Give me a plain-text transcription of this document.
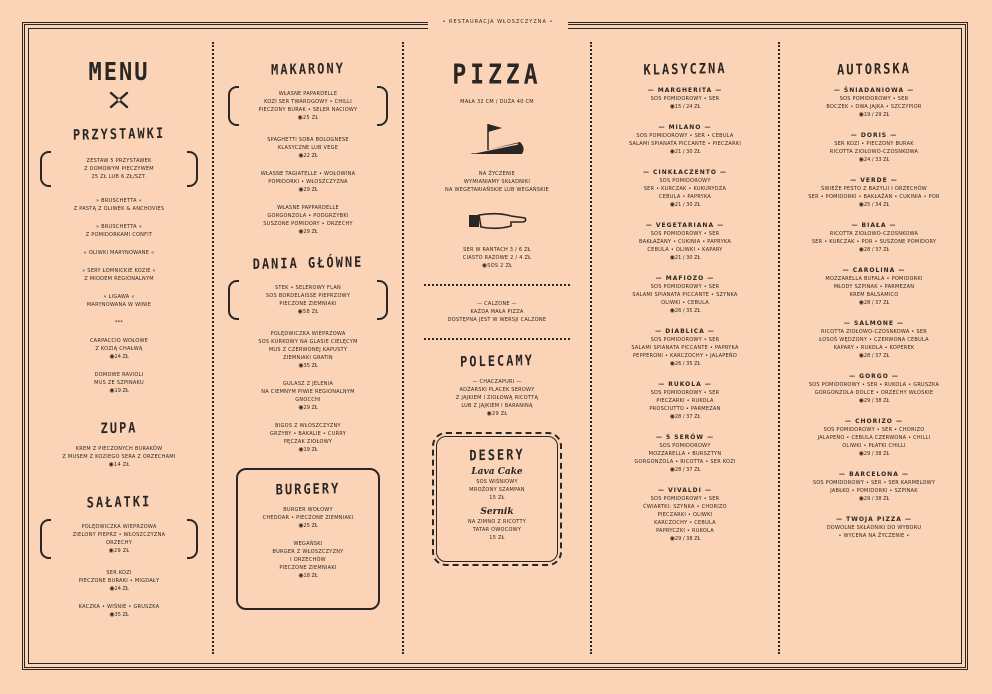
• RESTAURACJA WŁOSZCZYZNA •
MENU
PRZYSTAWKI
ZESTAW 5 PRZYSTAWEK
Z DOMOWYM PIECZYWEM
25 ZŁ LUB 6 ZŁ/SZT.
» BRUSCHETTA «
Z PASTĄ Z OLIWEK & ANCHOVIES
» BRUSCHETTA «
Z POMIDORKAMI CONFIT
» OLIWKI MARYNOWANE «
» SERY ŁOMNICKIE KOZIE «
Z MIODEM REGIONALNYM
» LIGAWA «
MARYNOWANA W WINIE
***
CARPACCIO WOŁOWE
Z KOZIĄ CHAŁWĄ
◉24 ZŁ
DOMOWE RAVIOLI
MUS ZE SZPINAKU
◉19 ZŁ
ZUPA
KREM Z PIECZONYCH BURAKÓW
Z MUSEM Z KOZIEGO SERA Z ORZECHAMI
◉14 ZŁ
SAŁATKI
POLĘDWICZKA WIEPRZOWA
ZIELONY PIEPRZ • WŁOSZCZYZNA
ORZECHY
◉29 ZŁ
SER KOZI
PIECZONE BURAKI • MIGDAŁY
◉24 ZŁ
KACZKA • WIŚNIE • GRUSZKA
◉35 ZŁ
MAKARONY
WŁASNE PAPARDELLE
KOZI SER TWAROGOWY • CHILLI
PIECZONY BURAK • SELER NACIOWY
◉25 ZŁ
SPAGHETTI SOBA BOLOGNESE
KLASYCZNE LUB VEGE
◉22 ZŁ
WŁASNE TAGIATELLE • WOŁOWINA
POMIDORKI • WŁOSZCZYZNA
◉29 ZŁ
WŁASNE PAPPARDELLE
GORGONZOLA • PODGRZYBKI
SUSZONE POMIDORY • ORZECHY
◉29 ZŁ
DANIA GŁÓWNE
STEK • SELEROWY FLAN
SOS BORDELAISSE PIEPRZOWY
PIECZONE ZIEMNIAKI
◉58 ZŁ
POLĘDWICZKA WIEPRZOWA
SOS KURKOWY NA GLASIE CIELĘCYM
MUS Z CZERWONEJ KAPUSTY
ZIEMNIAKI GRATIN
◉35 ZŁ
GULASZ Z JELENIA
NA CIEMNYM PIWIE REGIONALNYM
GNOCCHI
◉29 ZŁ
BIGOS Z WŁOSZCZYZNY
GRZYBY • BAKALIE • CURRY
PĘCZAK ZIOŁOWY
◉19 ZŁ
BURGERY
BURGER WOŁOWY
CHEDDAR • PIECZONE ZIEMNIAKI
◉25 ZŁ
WEGAŃSKI
BURGER Z WŁOSZCZYZNY
I ORZECHÓW
PIECZONE ZIEMNIAKI
◉18 ZŁ
PIZZA
MAŁA 32 CM / DUŻA 40 CM
NA ŻYCZENIE
WYMIANIAMY SKŁADNIKI
NA WEGETARIAŃSKIE LUB WEGAŃSKIE
SER W RANTACH 3 / 6 ZŁ
CIASTO RAZOWE 2 / 4 ZŁ
◉SOS 2 ZŁ
— CALZONE —
KAŻDA MAŁA PIZZA
DOSTĘPNA JEST W WERSJI CALZONE
POLECAMY
— CHACZAPURI —
ADŻARSKI PLACEK SEROWY
Z JAJKIEM I ZIOŁOWĄ RICOTTĄ
LUB Z JAJKIEM I BARANINĄ
◉29 ZŁ
DESERY
Lava Cake
SOS WIŚNIOWY
MROŻONY SZAMPAN
15 ZŁ
Sernik
NA ZIMNO Z RICOTTY
TATAR OWOCOWY
15 ZŁ
KLASYCZNA
— MARGHERITA —
SOS POMIDOROWY • SER
◉15 / 24 ZŁ
— MILANO —
SOS POMIDOROWY • SER • CEBULA
SALAMI SPIANATA PICCANTE • PIECZARKI
◉21 / 30 ZŁ
— CINKŁACZENTO —
SOS POMIDOROWY
SER • KURCZAK • KUKURYDZA
CEBULA • PAPRYKA
◉21 / 30 ZŁ
— VEGETARIANA —
SOS POMIDOROWY • SER
BAKŁAŻANY • CUKINIA • PAPRYKA
CEBULA • OLIWKI • KAPARY
◉21 / 30 ZŁ
— MAFIOZO —
SOS POMIDOROWY • SER
SALAMI SPIANATA PICCANTE • SZYNKA
OLIWKI • CEBULA
◉26 / 35 ZŁ
— DIABLICA —
SOS POMIDOROWY • SER
SALAMI SPIANATA PICCANTE • PAPRYKA
PEPPERONI • KARCZOCHY • JALAPEÑO
◉26 / 35 ZŁ
— RUKOLA —
SOS POMIDOROWY • SER
PIECZARKI • RUKOLA
PROSCIUTTO • PARMEZAN
◉28 / 37 ZŁ
— 5 SERÓW —
SOS POMIDOROWY
MOZZARELLA • BURSZTYN
GORGONZOLA • RICOTTA • SER KOZI
◉28 / 37 ZŁ
— VIVALDI —
SOS POMIDOROWY • SER
ĆWIARTKI: SZYNKA • CHORIZO
PIECZARKI • OLIWKI
KARCZOCHY • CEBULA
PAPRYCZKI • RUKOLA
◉29 / 38 ZŁ
AUTORSKA
— ŚNIADANIOWA —
SOS POMIDOROWY • SER
BOCZEK • DWA JAJKA • SZCZYPIOR
◉19 / 29 ZŁ
— DORIS —
SER KOZI • PIECZONY BURAK
RICOTTA ZIOŁOWO-CZOSNKOWA
◉24 / 33 ZŁ
— VERDE —
ŚWIEŻE PESTO Z BAZYLII I ORZECHÓW
SER • POMIDORKI • BAKŁAŻAN • CUKINIA • POR
◉25 / 34 ZŁ
— BIAŁA —
RICOTTA ZIOŁOWO-CZOSNKOWA
SER • KURCZAK • POR • SUSZONE POMIDORY
◉28 / 37 ZŁ
— CAROLINA —
MOZZARELLA BUFALA • POMIDORKI
MŁODY SZPINAK • PARMEZAN
KREM BALSAMICO
◉28 / 37 ZŁ
— SALMONE —
RICOTTA ZIOŁOWO-CZOSNKOWA • SER
ŁOSOŚ WĘDZONY • CZERWONA CEBULA
KAPARY • RUKOLA • KOPEREK
◉28 / 37 ZŁ
— GORGO —
SOS POMIDOROWY • SER • RUKOLA • GRUSZKA
GORGONZOLA DOLCE • ORZECHY WŁOSKIE
◉29 / 38 ZŁ
— CHORIZO —
SOS POMIDOROWY • SER • CHORIZO
JALAPEÑO • CEBULA CZERWONA • CHILLI
OLIWKI • PŁATKI CHILLI
◉29 / 38 ZŁ
— BARCELONA —
SOS POMIDOROWY • SER • SER KARMELOWY
JABŁKO • POMIDORKI • SZPINAK
◉29 / 38 ZŁ
— TWOJA PIZZA —
DOWOLNE SKŁADNIKI DO WYBORU
• WYCENA NA ŻYCZENIE •
